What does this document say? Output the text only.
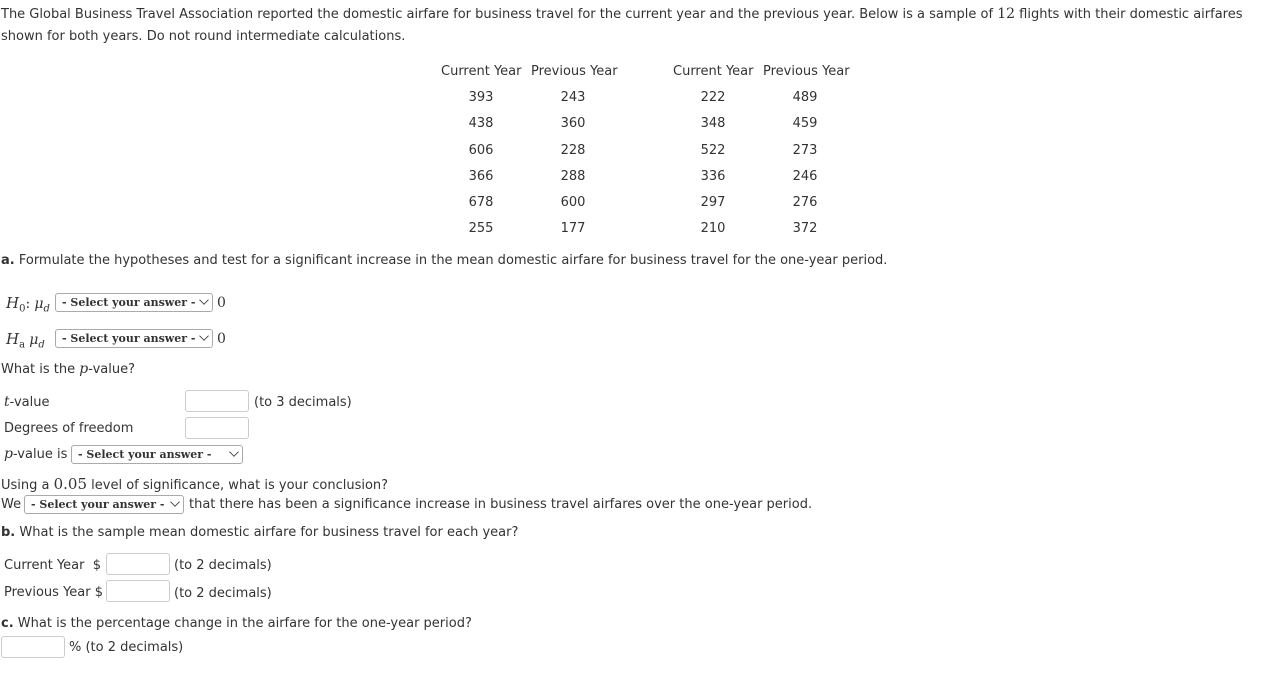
The Global Business Travel Association reported the domestic airfare for business travel for the current year and the previous year. Below is a sample of 12 flights with their domestic airfares shown for both years. Do not round intermediate calculations.
Current Year Previous Year	Current Year Previous Year
393	243	222	489
438	360	348	459
606	228	522	273
366	288	336	246
678	600	297	276
255	177	210	372
a. Formulate the hypotheses and test for a significant increase in the mean domestic airfare for business travel for the one-year period.
$H_0$: $\mu_d$
- Select your answer -	0
$H_a$ $\mu_d$
- Select your answer -	0
What is the p-value?
t-value	(to 3 decimals)
Degrees of freedom
p-value is - Select your answer -
Using a 0.05 level of significance, what is your conclusion?
We - Select your answer -	that there has been a significance increase in business travel airfares over the one-year period.
b. What is the sample mean domestic airfare for business travel for each year?
Current Year  $	(to 2 decimals)
Previous Year $	(to 2 decimals)
c. What is the percentage change in the airfare for the one-year period?
% (to 2 decimals)
